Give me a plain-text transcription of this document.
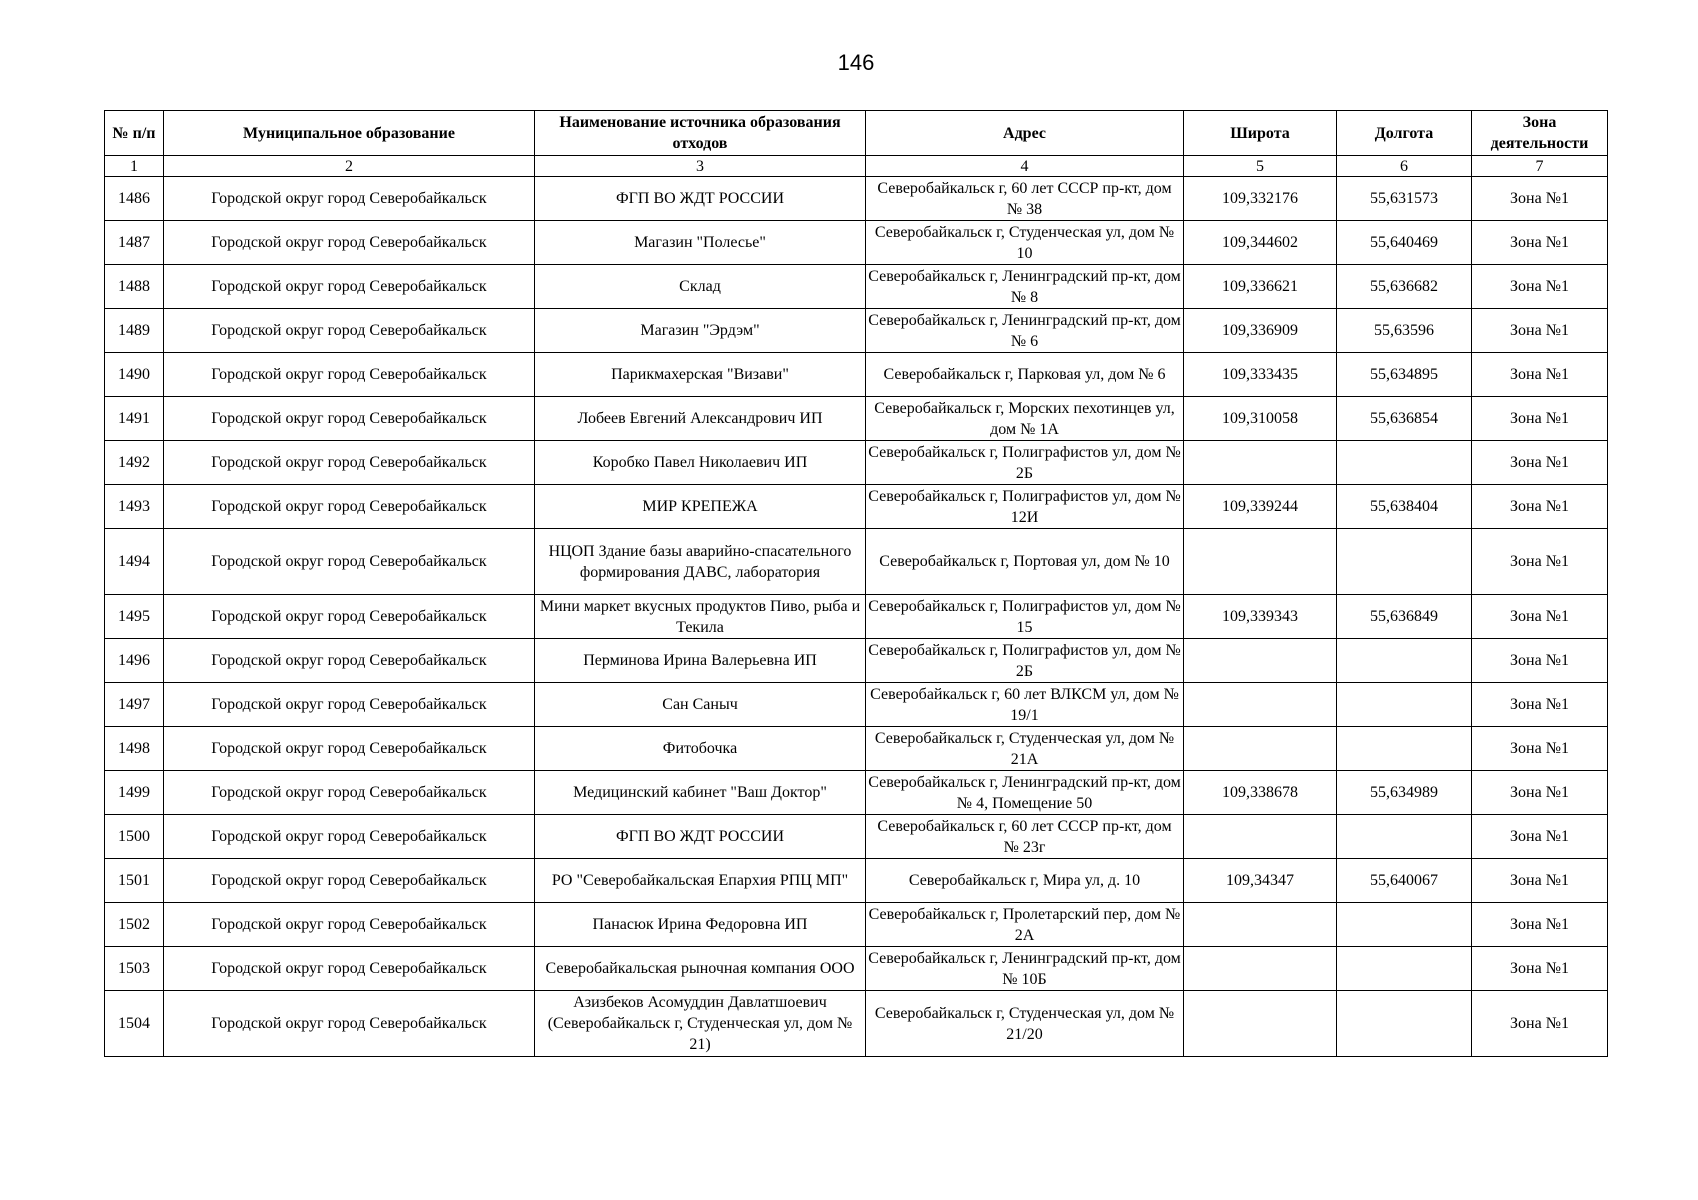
146
№ п/п	Муниципальное образование	Наименование источника образования отходов	Адрес	Широта	Долгота	Зона деятельности
1	2	3	4	5	6	7
1486	Городской округ город Северобайкальск	ФГП ВО ЖДТ РОССИИ	Северобайкальск г, 60 лет СССР пр-кт, дом № 38	109,332176	55,631573	Зона №1
1487	Городской округ город Северобайкальск	Магазин "Полесье"	Северобайкальск г, Студенческая ул, дом № 10	109,344602	55,640469	Зона №1
1488	Городской округ город Северобайкальск	Склад	Северобайкальск г, Ленинградский пр-кт, дом № 8	109,336621	55,636682	Зона №1
1489	Городской округ город Северобайкальск	Магазин "Эрдэм"	Северобайкальск г, Ленинградский пр-кт, дом № 6	109,336909	55,63596	Зона №1
1490	Городской округ город Северобайкальск	Парикмахерская "Визави"	Северобайкальск г, Парковая ул, дом № 6	109,333435	55,634895	Зона №1
1491	Городской округ город Северобайкальск	Лобеев Евгений Александрович ИП	Северобайкальск г, Морских пехотинцев ул, дом № 1А	109,310058	55,636854	Зона №1
1492	Городской округ город Северобайкальск	Коробко Павел Николаевич ИП	Северобайкальск г, Полиграфистов ул, дом № 2Б			Зона №1
1493	Городской округ город Северобайкальск	МИР КРЕПЕЖА	Северобайкальск г, Полиграфистов ул, дом № 12И	109,339244	55,638404	Зона №1
1494	Городской округ город Северобайкальск	НЦОП Здание базы аварийно-спасательного формирования ДАВС, лаборатория	Северобайкальск г, Портовая ул, дом № 10			Зона №1
1495	Городской округ город Северобайкальск	Мини маркет вкусных продуктов Пиво, рыба и Текила	Северобайкальск г, Полиграфистов ул, дом № 15	109,339343	55,636849	Зона №1
1496	Городской округ город Северобайкальск	Перминова Ирина Валерьевна ИП	Северобайкальск г, Полиграфистов ул, дом № 2Б			Зона №1
1497	Городской округ город Северобайкальск	Сан Саныч	Северобайкальск г, 60 лет ВЛКСМ ул, дом № 19/1			Зона №1
1498	Городской округ город Северобайкальск	Фитобочка	Северобайкальск г, Студенческая ул, дом № 21А			Зона №1
1499	Городской округ город Северобайкальск	Медицинский кабинет "Ваш Доктор"	Северобайкальск г, Ленинградский пр-кт, дом № 4, Помещение 50	109,338678	55,634989	Зона №1
1500	Городской округ город Северобайкальск	ФГП ВО ЖДТ РОССИИ	Северобайкальск г, 60 лет СССР пр-кт, дом № 23г			Зона №1
1501	Городской округ город Северобайкальск	РО "Северобайкальская Епархия РПЦ МП"	Северобайкальск г, Мира ул, д. 10	109,34347	55,640067	Зона №1
1502	Городской округ город Северобайкальск	Панасюк Ирина Федоровна ИП	Северобайкальск г, Пролетарский пер, дом № 2А			Зона №1
1503	Городской округ город Северобайкальск	Северобайкальская рыночная компания ООО	Северобайкальск г, Ленинградский пр-кт, дом № 10Б			Зона №1
1504	Городской округ город Северобайкальск	Азизбеков Асомуддин Давлатшоевич (Северобайкальск г, Студенческая ул, дом № 21)	Северобайкальск г, Студенческая ул, дом № 21/20			Зона №1
